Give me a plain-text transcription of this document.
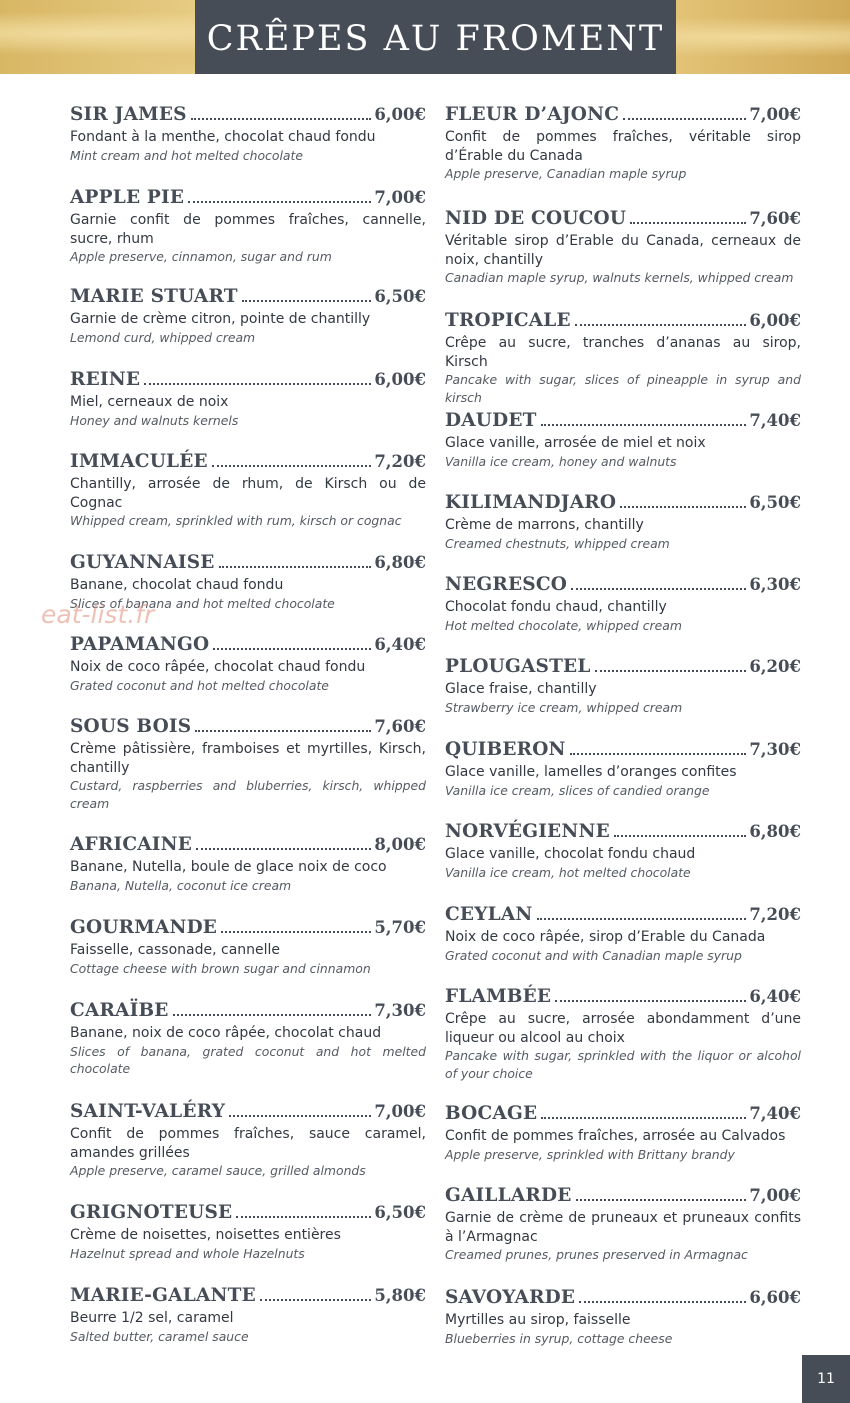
CRÊPES AU FROMENT
SIR JAMES	6,00€
Fondant à la menthe, chocolat chaud fondu
Mint cream and hot melted chocolate
APPLE PIE	7,00€
Garnie confit de pommes fraîches, cannelle, sucre, rhum
Apple preserve, cinnamon, sugar and rum
MARIE STUART	6,50€
Garnie de crème citron, pointe de chantilly
Lemond curd, whipped cream
REINE	6,00€
Miel, cerneaux de noix
Honey and walnuts kernels
IMMACULÉE	7,20€
Chantilly, arrosée de rhum, de Kirsch ou de Cognac
Whipped cream, sprinkled with rum, kirsch or cognac
GUYANNAISE	6,80€
Banane, chocolat chaud fondu
Slices of banana and hot melted chocolate
PAPAMANGO	6,40€
Noix de coco râpée, chocolat chaud fondu
Grated coconut and hot melted chocolate
SOUS BOIS	7,60€
Crème pâtissière, framboises et myrtilles, Kirsch, chantilly
Custard, raspberries and bluberries, kirsch, whipped cream
AFRICAINE	8,00€
Banane, Nutella, boule de glace noix de coco
Banana, Nutella, coconut ice cream
GOURMANDE	5,70€
Faisselle, cassonade, cannelle
Cottage cheese with brown sugar and cinnamon
CARAÏBE	7,30€
Banane, noix de coco râpée, chocolat chaud
Slices of banana, grated coconut and hot melted chocolate
SAINT-VALÉRY	7,00€
Confit de pommes fraîches, sauce caramel, amandes grillées
Apple preserve, caramel sauce, grilled almonds
GRIGNOTEUSE	6,50€
Crème de noisettes, noisettes entières
Hazelnut spread and whole Hazelnuts
MARIE-GALANTE	5,80€
Beurre 1/2 sel, caramel
Salted butter, caramel sauce
FLEUR D’AJONC	7,00€
Confit de pommes fraîches, véritable sirop d’Érable du Canada
Apple preserve, Canadian maple syrup
NID DE COUCOU	7,60€
Véritable sirop d’Erable du Canada, cerneaux de noix, chantilly
Canadian maple syrup, walnuts kernels, whipped cream
TROPICALE	6,00€
Crêpe au sucre, tranches d’ananas au sirop, Kirsch
Pancake with sugar, slices of pineapple in syrup and kirsch
DAUDET	7,40€
Glace vanille, arrosée de miel et noix
Vanilla ice cream, honey and walnuts
KILIMANDJARO	6,50€
Crème de marrons, chantilly
Creamed chestnuts, whipped cream
NEGRESCO	6,30€
Chocolat fondu chaud, chantilly
Hot melted chocolate, whipped cream
PLOUGASTEL	6,20€
Glace fraise, chantilly
Strawberry ice cream, whipped cream
QUIBERON	7,30€
Glace vanille, lamelles d’oranges confites
Vanilla ice cream, slices of candied orange
NORVÉGIENNE	6,80€
Glace vanille, chocolat fondu chaud
Vanilla ice cream, hot melted chocolate
CEYLAN	7,20€
Noix de coco râpée, sirop d’Erable du Canada
Grated coconut and with Canadian maple syrup
FLAMBÉE	6,40€
Crêpe au sucre, arrosée abondamment d’une liqueur ou alcool au choix
Pancake with sugar, sprinkled with the liquor or alcohol of your choice
BOCAGE	7,40€
Confit de pommes fraîches, arrosée au Calvados
Apple preserve, sprinkled with Brittany brandy
GAILLARDE	7,00€
Garnie de crème de pruneaux et pruneaux confits à l’Armagnac
Creamed prunes, prunes preserved in Armagnac
SAVOYARDE	6,60€
Myrtilles au sirop, faisselle
Blueberries in syrup, cottage cheese
eat-list.fr
11
